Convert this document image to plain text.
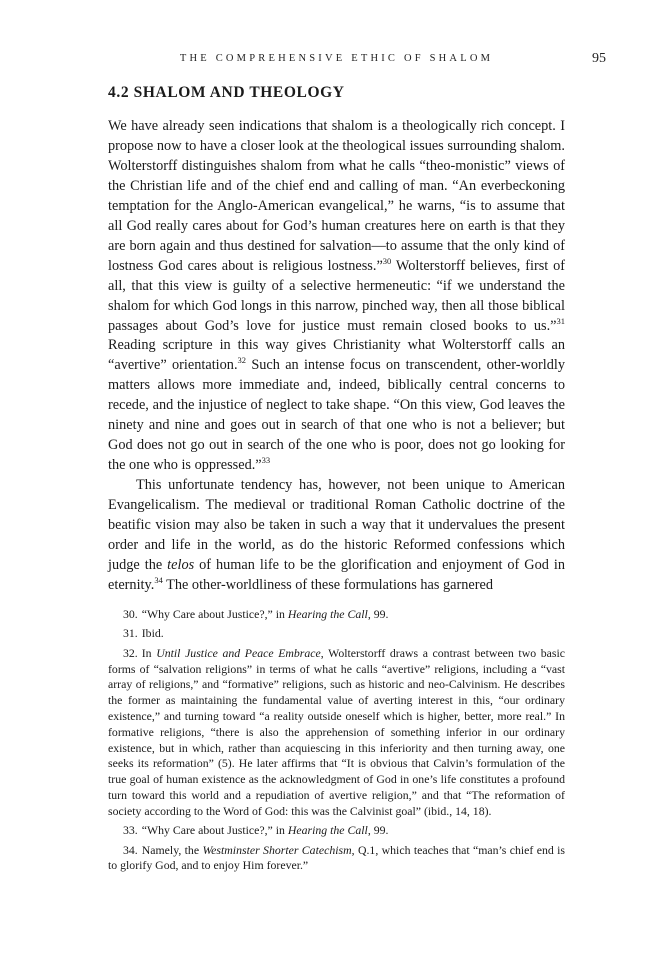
THE COMPREHENSIVE ETHIC OF SHALOM	95
4.2 SHALOM AND THEOLOGY

We have already seen indications that shalom is a theologically rich concept. I propose now to have a closer look at the theological issues surrounding shalom. Wolterstorff distinguishes shalom from what he calls “theo-monistic” views of the Christian life and of the chief end and calling of man. “An everbeckoning temptation for the Anglo-American evangelical,” he warns, “is to assume that all God really cares about for God’s human creatures here on earth is that they are born again and thus destined for salvation—to assume that the only kind of lostness God cares about is religious lostness.”$^{30}$ Wolterstorff believes, first of all, that this view is guilty of a selective hermeneutic: “if we understand the shalom for which God longs in this narrow, pinched way, then all those biblical passages about God’s love for justice must remain closed books to us.”$^{31}$ Reading scripture in this way gives Christianity what Wolterstorff calls an “avertive” orientation.$^{32}$ Such an intense focus on transcendent, other-worldly matters allows more immediate and, indeed, biblically central concerns to recede, and the injustice of neglect to take shape. “On this view, God leaves the ninety and nine and goes out in search of that one who is not a believer; but God does not go out in search of the one who is poor, does not go looking for the one who is oppressed.”$^{33}$

This unfortunate tendency has, however, not been unique to American Evangelicalism. The medieval or traditional Roman Catholic doctrine of the beatific vision may also be taken in such a way that it undervalues the present order and life in the world, as do the historic Reformed confessions which judge the telos of human life to be the glorification and enjoyment of God in eternity.$^{34}$ The other-worldliness of these formulations has garnered

30. “Why Care about Justice?,” in Hearing the Call, 99.

31. Ibid.

32. In Until Justice and Peace Embrace, Wolterstorff draws a contrast between two basic forms of “salvation religions” in terms of what he calls “avertive” religions, including a “vast array of religions,” and “formative” religions, such as historic and neo-Calvinism. He describes the former as maintaining the fundamental value of averting interest in this, “our ordinary existence,” and turning toward “a reality outside oneself which is higher, better, more real.” In formative religions, “there is also the apprehension of something inferior in our ordinary existence, but in which, rather than acquiescing in this inferiority and then turning away, one seeks its reformation” (5). He later affirms that “It is obvious that Calvin’s formulation of the true goal of human existence as the acknowledgment of God in one’s life constitutes a profound turn toward this world and a repudiation of avertive religion,” and that “The reformation of society according to the Word of God: this was the Calvinist goal” (ibid., 14, 18).

33. “Why Care about Justice?,” in Hearing the Call, 99.

34. Namely, the Westminster Shorter Catechism, Q.1, which teaches that “man’s chief end is to glorify God, and to enjoy Him forever.”
